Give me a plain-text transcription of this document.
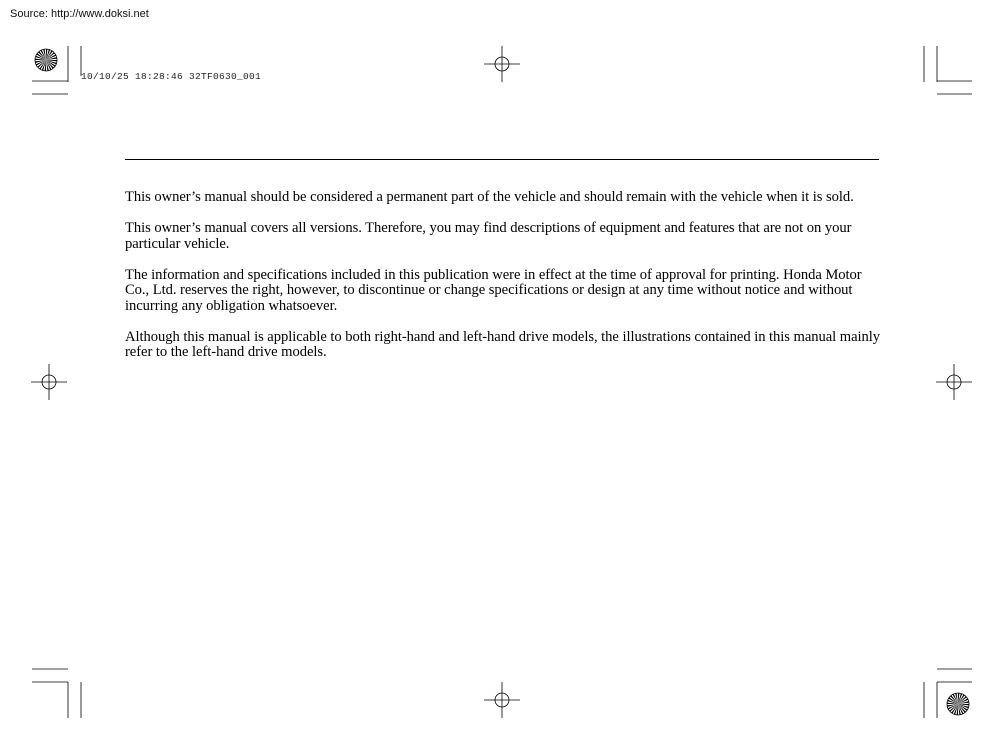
Source: http://www.doksi.net
10/10/25 18:28:46 32TF0630_001

This owner’s manual should be considered a permanent part of the vehicle and should remain with the vehicle when it is sold.

This owner’s manual covers all versions. Therefore, you may find descriptions of equipment and features that are not on your particular vehicle.

The information and specifications included in this publication were in effect at the time of approval for printing. Honda Motor Co., Ltd. reserves the right, however, to discontinue or change specifications or design at any time without notice and without incurring any obligation whatsoever.

Although this manual is applicable to both right-hand and left-hand drive models, the illustrations contained in this manual mainly refer to the left-hand drive models.
